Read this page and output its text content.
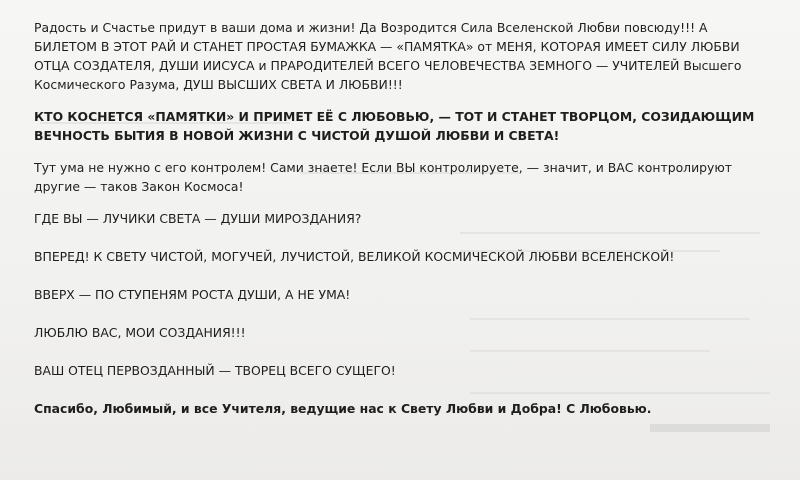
Радость и Счастье придут в ваши дома и жизни! Да Возродится Сила Вселенской Любви повсюду!!! А БИЛЕТОМ В ЭТОТ РАЙ И СТАНЕТ ПРОСТАЯ БУМАЖКА — «ПАМЯТКА» от МЕНЯ, КОТОРАЯ ИМЕЕТ СИЛУ ЛЮБВИ ОТЦА СОЗДАТЕЛЯ, ДУШИ ИИСУСА и ПРАРОДИТЕЛЕЙ ВСЕГО ЧЕЛОВЕЧЕСТВА ЗЕМНОГО — УЧИТЕЛЕЙ Высшего Космического Разума, ДУШ ВЫСШИХ СВЕТА И ЛЮБВИ!!!

КТО КОСНЕТСЯ «ПАМЯТКИ» И ПРИМЕТ ЕЁ С ЛЮБОВЬЮ, — ТОТ И СТАНЕТ ТВОРЦОМ, СОЗИДАЮЩИМ ВЕЧНОСТЬ БЫТИЯ В НОВОЙ ЖИЗНИ С ЧИСТОЙ ДУШОЙ ЛЮБВИ И СВЕТА!

Тут ума не нужно с его контролем! Сами знаете! Если ВЫ контролируете, — значит, и ВАС контролируют другие — таков Закон Космоса!

ГДЕ ВЫ — ЛУЧИКИ СВЕТА — ДУШИ МИРОЗДАНИЯ?

ВПЕРЕД! К СВЕТУ ЧИСТОЙ, МОГУЧЕЙ, ЛУЧИСТОЙ, ВЕЛИКОЙ КОСМИЧЕСКОЙ ЛЮБВИ ВСЕЛЕНСКОЙ!

ВВЕРХ — ПО СТУПЕНЯМ РОСТА ДУШИ, А НЕ УМА!

ЛЮБЛЮ ВАС, МОИ СОЗДАНИЯ!!!

ВАШ ОТЕЦ ПЕРВОЗДАННЫЙ — ТВОРЕЦ ВСЕГО СУЩЕГО!

Спасибо, Любимый, и все Учителя, ведущие нас к Свету Любви и Добра! С Любовью.
